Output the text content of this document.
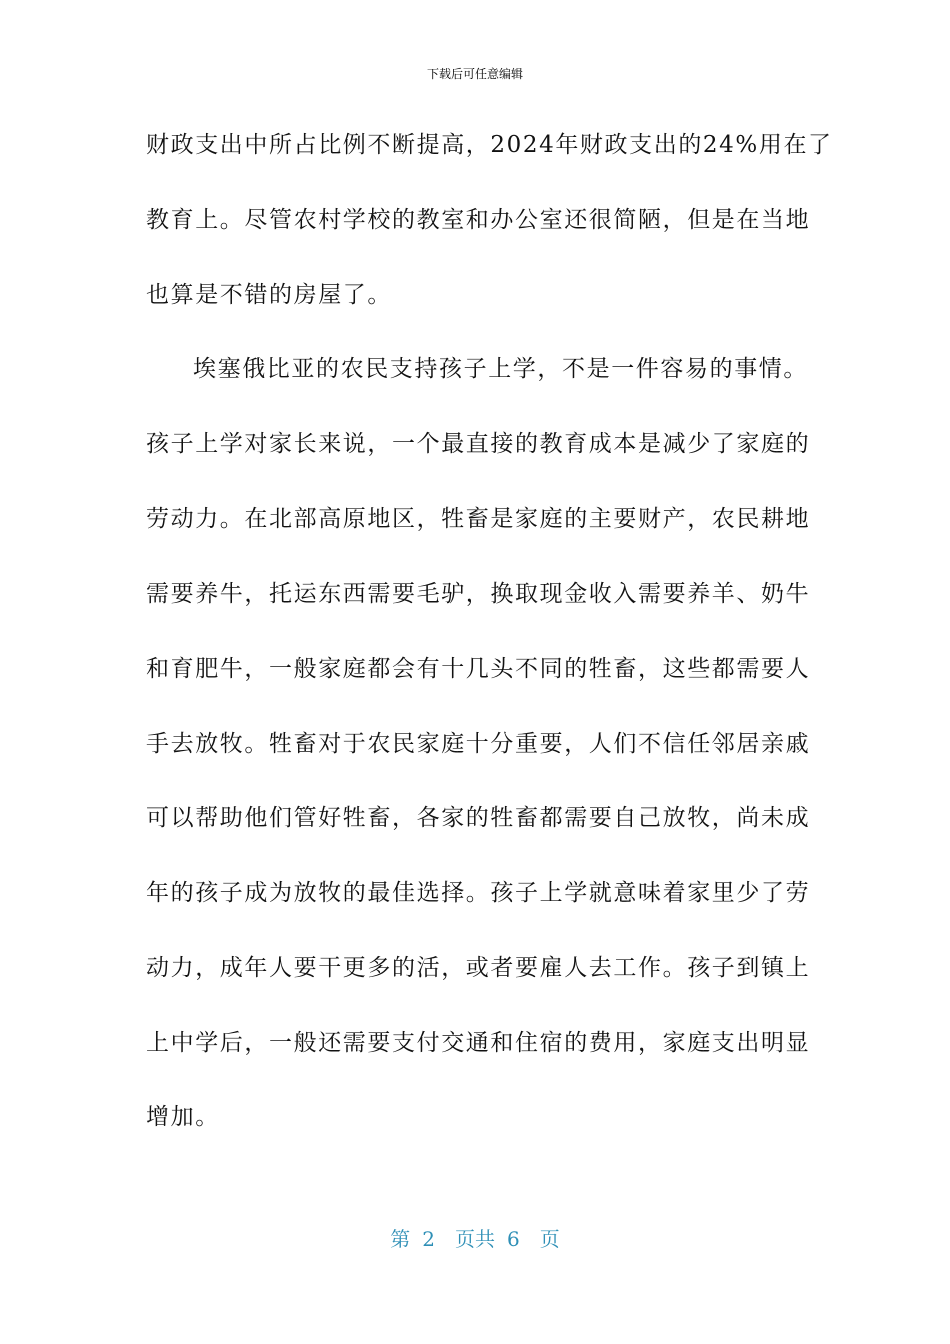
下载后可任意编辑
财政支出中所占比例不断提高，2024年财政支出的24%用在了
教育上。尽管农村学校的教室和办公室还很简陋，但是在当地
也算是不错的房屋了。
埃塞俄比亚的农民支持孩子上学，不是一件容易的事情。
孩子上学对家长来说，一个最直接的教育成本是减少了家庭的
劳动力。在北部高原地区，牲畜是家庭的主要财产，农民耕地
需要养牛，托运东西需要毛驴，换取现金收入需要养羊、奶牛
和育肥牛，一般家庭都会有十几头不同的牲畜，这些都需要人
手去放牧。牲畜对于农民家庭十分重要，人们不信任邻居亲戚
可以帮助他们管好牲畜，各家的牲畜都需要自己放牧，尚未成
年的孩子成为放牧的最佳选择。孩子上学就意味着家里少了劳
动力，成年人要干更多的活，或者要雇人去工作。孩子到镇上
上中学后，一般还需要支付交通和住宿的费用，家庭支出明显
增加。
第 2 页共 6 页
